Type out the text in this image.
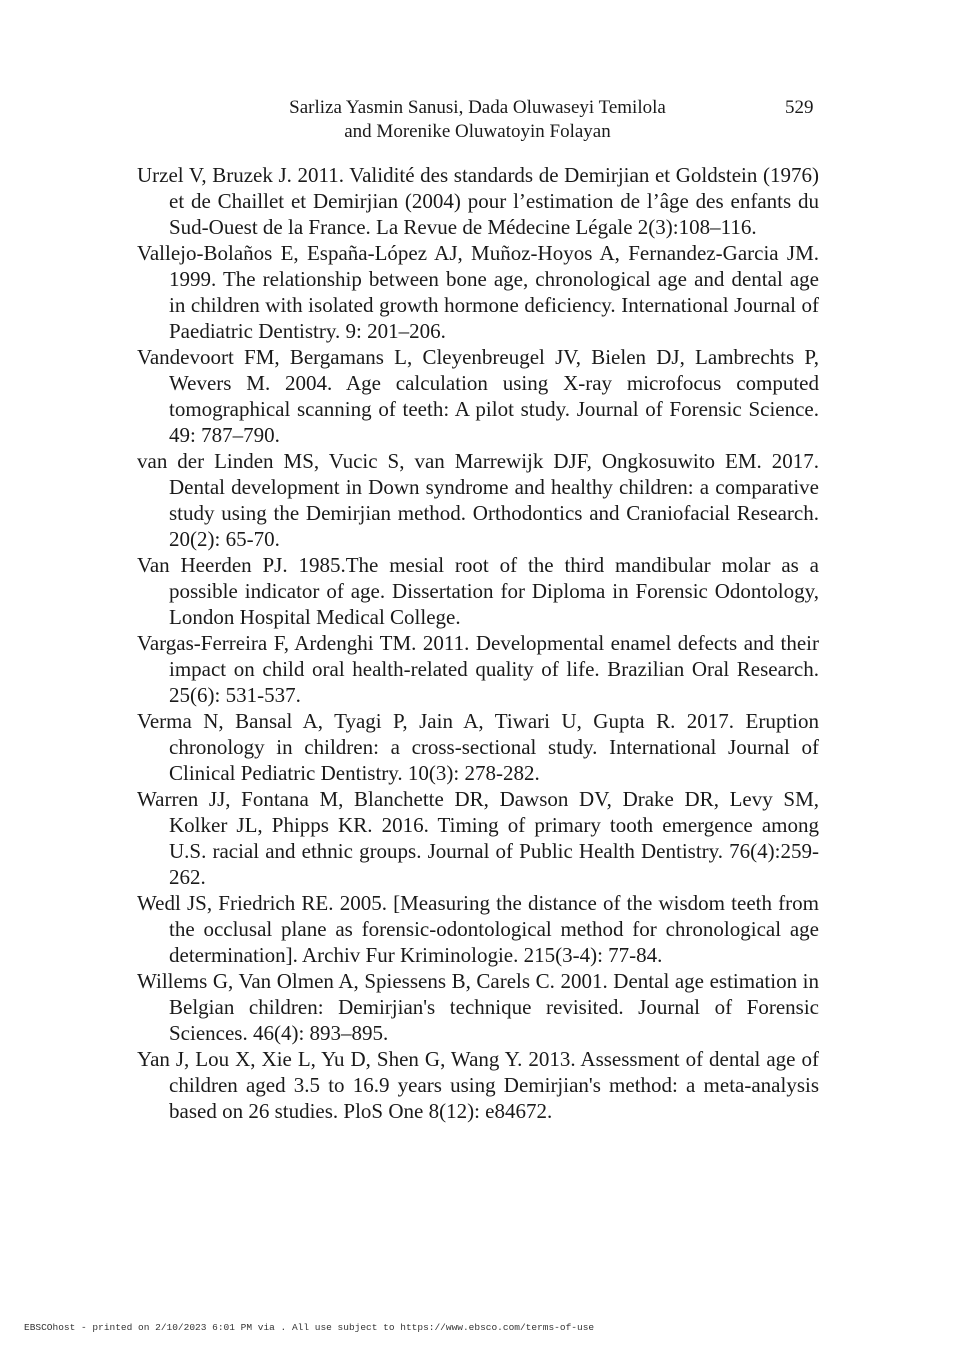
Sarliza Yasmin Sanusi, Dada Oluwaseyi Temilola
and Morenike Oluwatoyin Folayan
529
Urzel V, Bruzek J. 2011. Validité des standards de Demirjian et Goldstein (1976) et de Chaillet et Demirjian (2004) pour l’estimation de l’âge des enfants du Sud-Ouest de la France. La Revue de Médecine Légale 2(3):108–116.
Vallejo-Bolaños E, España-López AJ, Muñoz-Hoyos A, Fernandez-Garcia JM. 1999. The relationship between bone age, chronological age and dental age in children with isolated growth hormone deficiency. International Journal of Paediatric Dentistry. 9: 201–206.
Vandevoort FM, Bergamans L, Cleyenbreugel JV, Bielen DJ, Lambrechts P, Wevers M. 2004. Age calculation using X-ray microfocus computed tomographical scanning of teeth: A pilot study. Journal of Forensic Science. 49: 787–790.
van der Linden MS, Vucic S, van Marrewijk DJF, Ongkosuwito EM. 2017. Dental development in Down syndrome and healthy children: a comparative study using the Demirjian method. Orthodontics and Craniofacial Research. 20(2): 65-70.
Van Heerden PJ. 1985.The mesial root of the third mandibular molar as a possible indicator of age. Dissertation for Diploma in Forensic Odontology, London Hospital Medical College.
Vargas-Ferreira F, Ardenghi TM. 2011. Developmental enamel defects and their impact on child oral health-related quality of life. Brazilian Oral Research. 25(6): 531-537.
Verma N, Bansal A, Tyagi P, Jain A, Tiwari U, Gupta R. 2017. Eruption chronology in children: a cross-sectional study. International Journal of Clinical Pediatric Dentistry. 10(3): 278-282.
Warren JJ, Fontana M, Blanchette DR, Dawson DV, Drake DR, Levy SM, Kolker JL, Phipps KR. 2016. Timing of primary tooth emergence among U.S. racial and ethnic groups. Journal of Public Health Dentistry. 76(4):259-262.
Wedl JS, Friedrich RE. 2005. [Measuring the distance of the wisdom teeth from the occlusal plane as forensic-odontological method for chronological age determination]. Archiv Fur Kriminologie. 215(3-4): 77-84.
Willems G, Van Olmen A, Spiessens B, Carels C. 2001. Dental age estimation in Belgian children: Demirjian's technique revisited. Journal of Forensic Sciences. 46(4): 893–895.
Yan J, Lou X, Xie L, Yu D, Shen G, Wang Y. 2013. Assessment of dental age of children aged 3.5 to 16.9 years using Demirjian's method: a meta-analysis based on 26 studies. PloS One 8(12): e84672.
EBSCOhost - printed on 2/10/2023 6:01 PM via . All use subject to https://www.ebsco.com/terms-of-use
